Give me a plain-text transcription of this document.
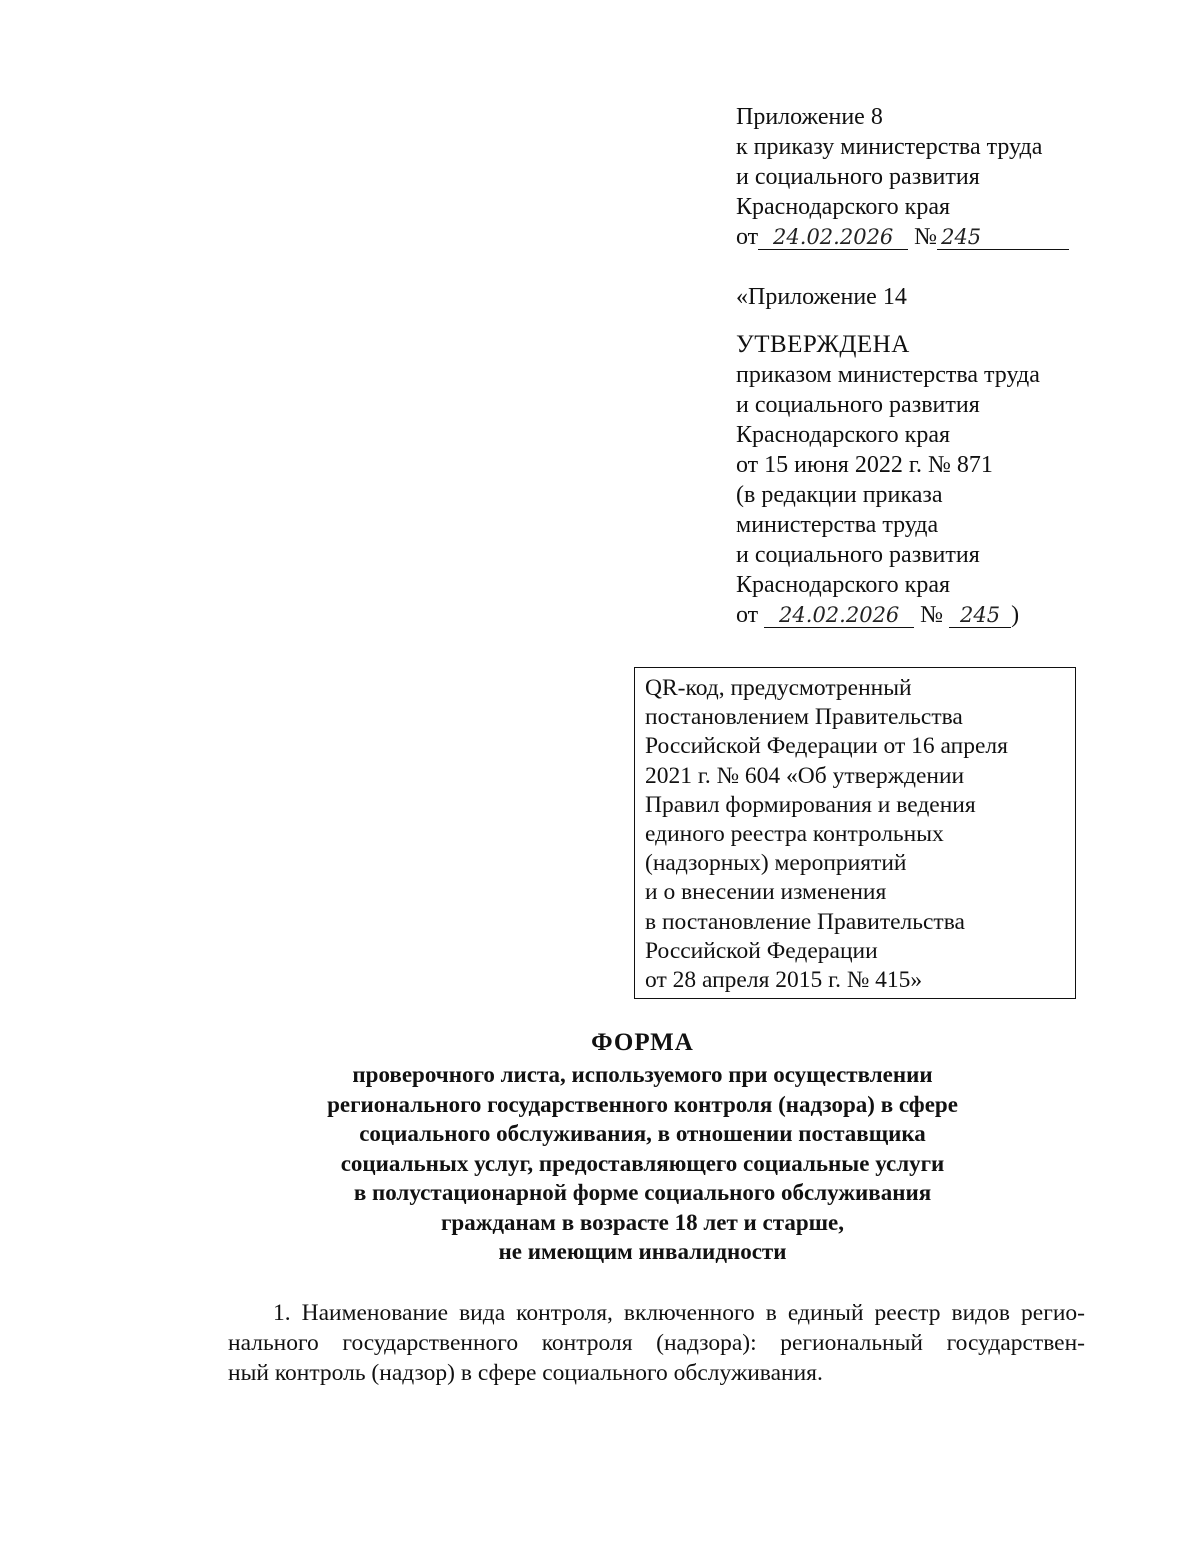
Приложение 8
к приказу министерства труда
и социального развития
Краснодарского края
от 24.02.2026 № 245
«Приложение 14
УТВЕРЖДЕНА
приказом министерства труда
и социального развития
Краснодарского края
от 15 июня 2022 г. № 871
(в редакции приказа
министерства труда
и социального развития
Краснодарского края
от 24.02.2026 № 245 )
QR-код, предусмотренный
постановлением Правительства
Российской Федерации от 16 апреля
2021 г. № 604 «Об утверждении
Правил формирования и ведения
единого реестра контрольных
(надзорных) мероприятий
и о внесении изменения
в постановление Правительства
Российской Федерации
от 28 апреля 2015 г. № 415»
ФОРМА
проверочного листа, используемого при осуществлении
регионального государственного контроля (надзора) в сфере
социального обслуживания, в отношении поставщика
социальных услуг, предоставляющего социальные услуги
в полустационарной форме социального обслуживания
гражданам в возрасте 18 лет и старше,
не имеющим инвалидности
1. Наименование вида контроля, включенного в единый реестр видов регио-
нального государственного контроля (надзора): региональный государствен-
ный контроль (надзор) в сфере социального обслуживания.
